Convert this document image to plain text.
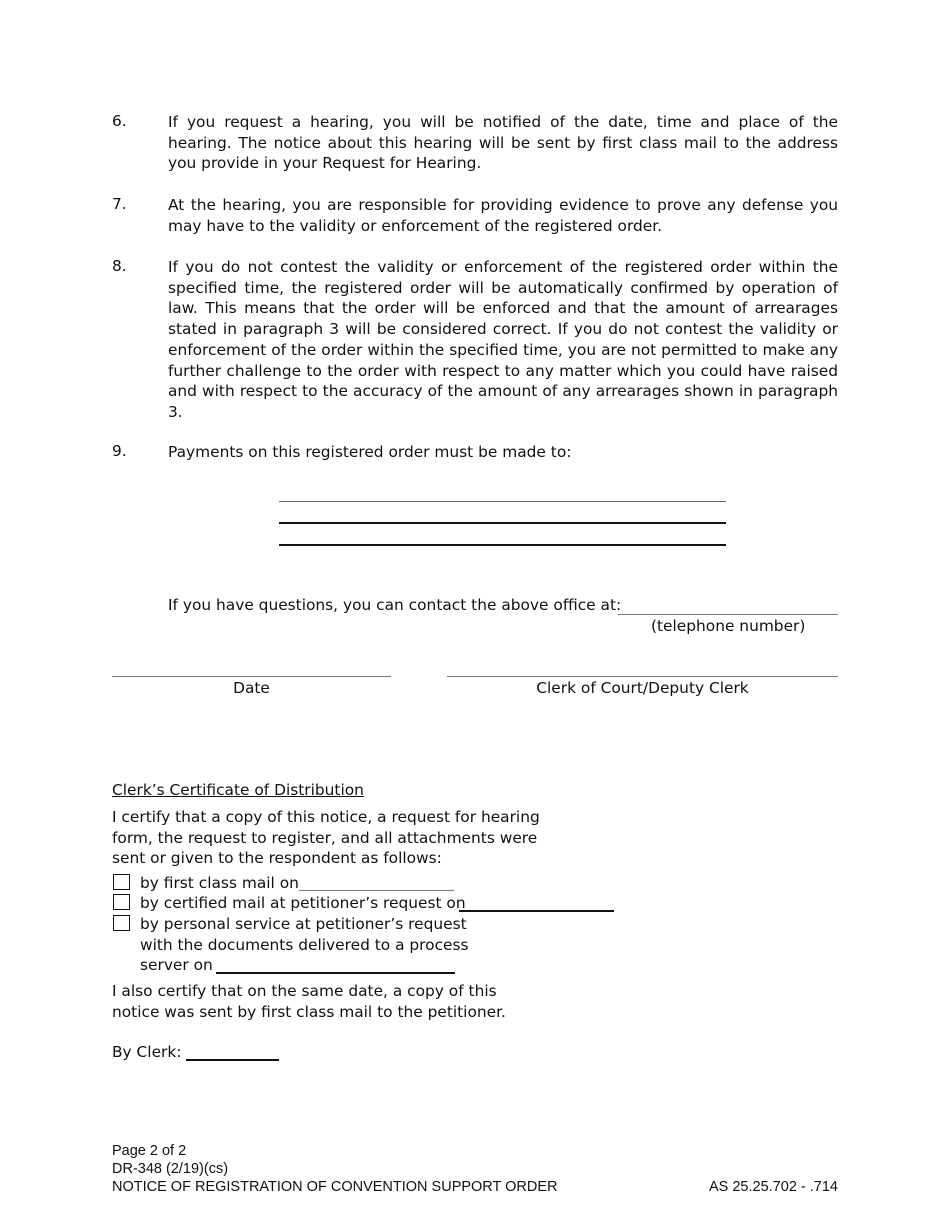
6.	If you request a hearing, you will be notified of the date, time and place of the hearing. The notice about this hearing will be sent by first class mail to the address you provide in your Request for Hearing.
7.	At the hearing, you are responsible for providing evidence to prove any defense you may have to the validity or enforcement of the registered order.
8.	If you do not contest the validity or enforcement of the registered order within the specified time, the registered order will be automatically confirmed by operation of law. This means that the order will be enforced and that the amount of arrearages stated in paragraph 3 will be considered correct. If you do not contest the validity or enforcement of the order within the specified time, you are not permitted to make any further challenge to the order with respect to any matter which you could have raised and with respect to the accuracy of the amount of any arrearages shown in paragraph 3.
9.	Payments on this registered order must be made to:
If you have questions, you can contact the above office at:
(telephone number)
Date	Clerk of Court/Deputy Clerk
Clerk’s Certificate of Distribution
I certify that a copy of this notice, a request for hearing
form, the request to register, and all attachments were
sent or given to the respondent as follows:
by first class mail on
by certified mail at petitioner’s request on
by personal service at petitioner’s request
with the documents delivered to a process
server on
I also certify that on the same date, a copy of this
notice was sent by first class mail to the petitioner.
By Clerk:
Page 2 of 2
DR-348 (2/19)(cs)
NOTICE OF REGISTRATION OF CONVENTION SUPPORT ORDER	AS 25.25.702 - .714
